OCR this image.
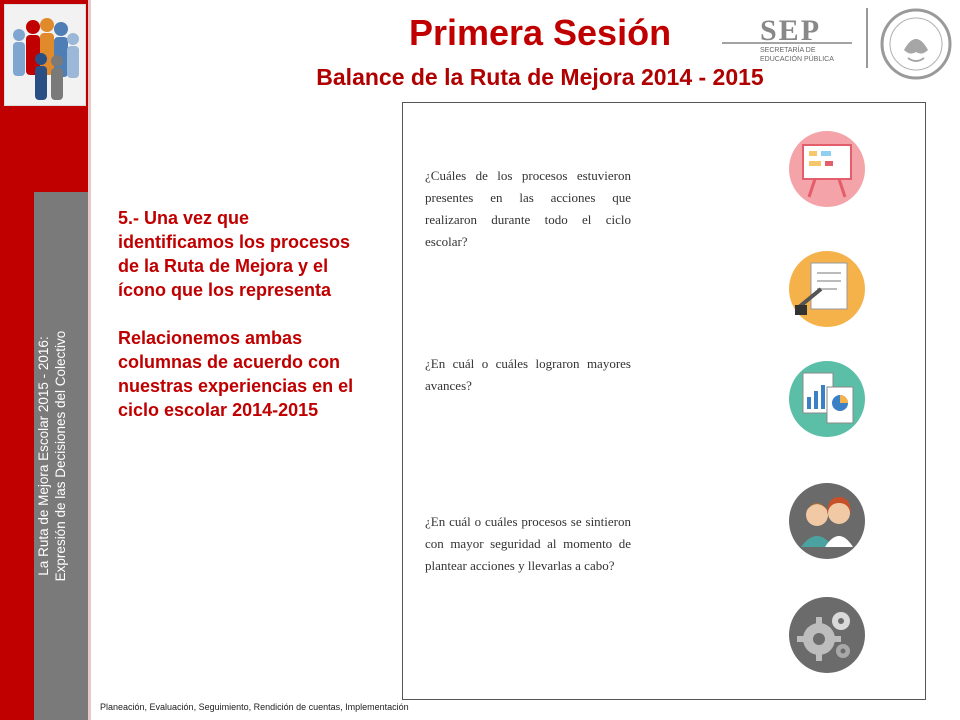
La Ruta de Mejora Escolar 2015 - 2016: Expresión de las Decisiones del Colectivo
Primera Sesión
Balance de la Ruta de Mejora 2014 - 2015
SEP
SECRETARÍA DE
EDUCACIÓN PÚBLICA

5.- Una vez que identificamos los procesos de la Ruta de Mejora y el ícono que los representa

Relacionemos ambas columnas de acuerdo con nuestras experiencias en el ciclo escolar 2014-2015

¿Cuáles de los procesos estuvieron presentes en las acciones que realizaron durante todo el ciclo escolar?
¿En cuál o cuáles lograron mayores avances?
¿En cuál o cuáles procesos se sintieron con mayor seguridad al momento de plantear acciones y llevarlas a cabo?
Planeación, Evaluación, Seguimiento, Rendición de cuentas, Implementación
